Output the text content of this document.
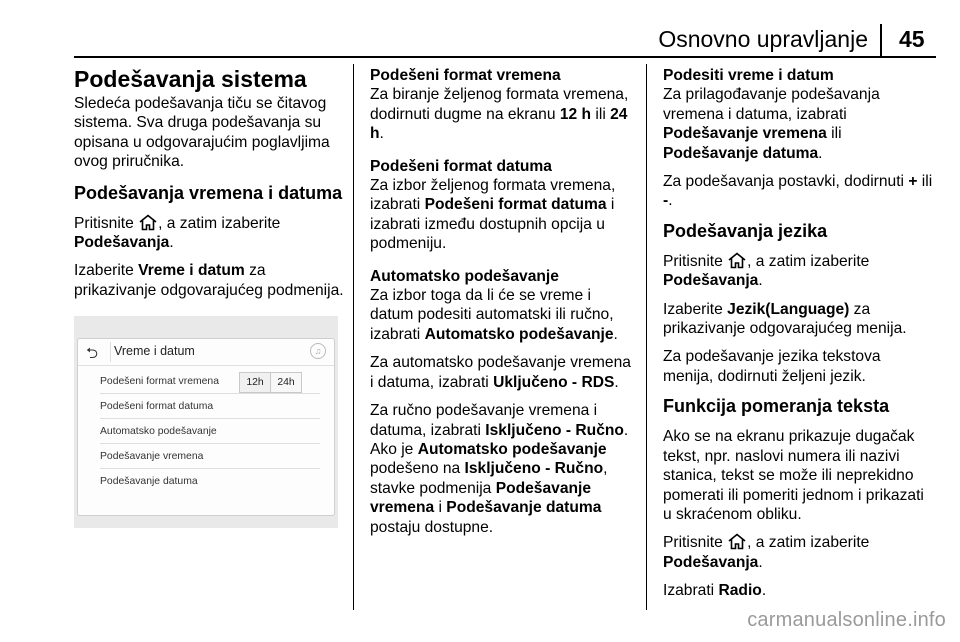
Osnovno upravljanje 45
Podešavanja sistema

Sledeća podešavanja tiču se čitavog sistema. Sva druga podešavanja su opisana u odgovarajućim poglavljima ovog priručnika.

Podešavanja vremena i datuma

Pritisnite , a zatim izaberite

Podešavanja.

Izaberite Vreme i datum za prikazivanje odgovarajućeg podmenija.

⮌ Vreme i datum	♫
Podešeni format vremena	12h	24h
Podešeni format datuma
Automatsko podešavanje
Podešavanje vremena
Podešavanje datuma
Podešeni format vremena

Za biranje željenog formata vremena, dodirnuti dugme na ekranu 12 h ili 24 h.

Podešeni format datuma

Za izbor željenog formata vremena, izabrati Podešeni format datuma i izabrati između dostupnih opcija u podmeniju.

Automatsko podešavanje

Za izbor toga da li će se vreme i datum podesiti automatski ili ručno, izabrati Automatsko podešavanje.

Za automatsko podešavanje vremena i datuma, izabrati Uključeno - RDS.

Za ručno podešavanje vremena i datuma, izabrati Isključeno - Ručno. Ako je Automatsko podešavanje podešeno na Isključeno - Ručno, stavke podmenija Podešavanje vremena i Podešavanje datuma postaju dostupne.

Podesiti vreme i datum

Za prilagođavanje podešavanja vremena i datuma, izabrati Podešavanje vremena ili Podešavanje datuma.

Za podešavanja postavki, dodirnuti + ili -.

Podešavanja jezika

Pritisnite , a zatim izaberite

Podešavanja.

Izaberite Jezik(Language) za prikazivanje odgovarajućeg menija.

Za podešavanje jezika tekstova menija, dodirnuti željeni jezik.

Funkcija pomeranja teksta

Ako se na ekranu prikazuje dugačak tekst, npr. naslovi numera ili nazivi stanica, tekst se može ili neprekidno pomerati ili pomeriti jednom i prikazati u skraćenom obliku.

Pritisnite , a zatim izaberite

Podešavanja.

Izabrati Radio.

carmanualsonline.info
